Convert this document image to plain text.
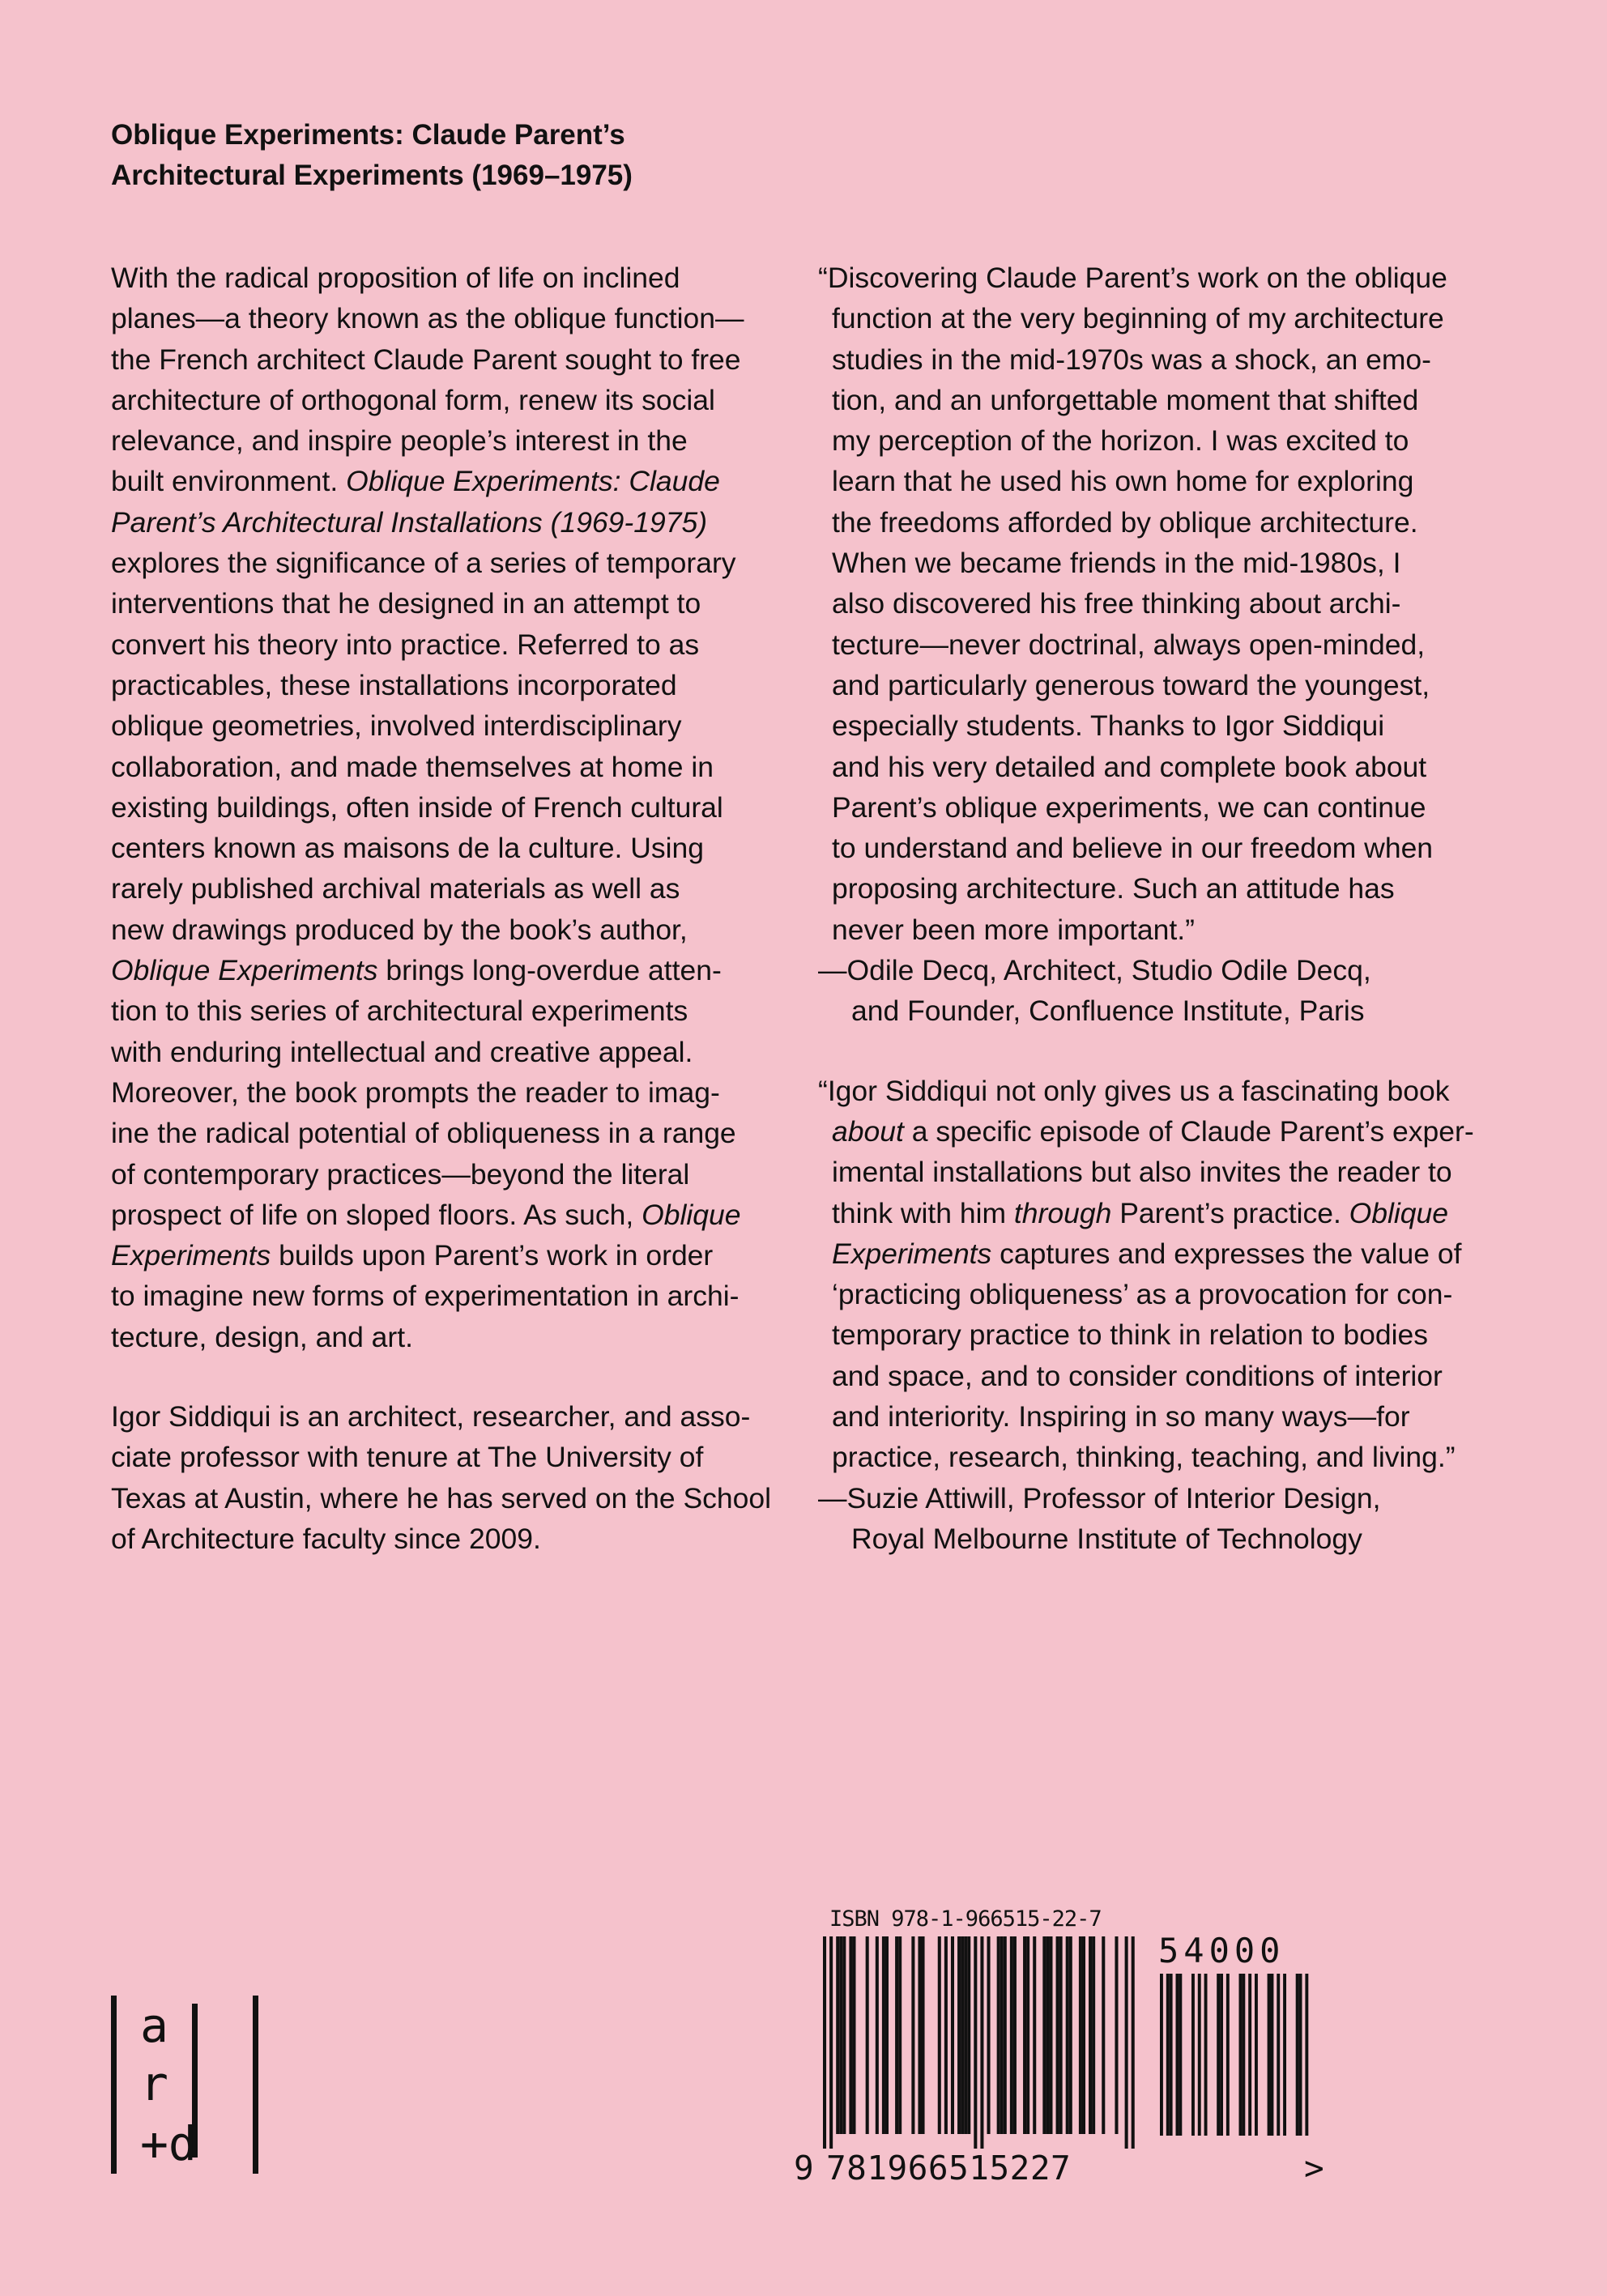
Oblique Experiments: Claude Parent’s
Architectural Experiments (1969–1975)

With the radical proposition of life on inclined
planes—a theory known as the oblique function—
the French architect Claude Parent sought to free
architecture of orthogonal form, renew its social
relevance, and inspire people’s interest in the
built environment. Oblique Experiments: Claude
Parent’s Architectural Installations (1969-1975)
explores the significance of a series of temporary
interventions that he designed in an attempt to
convert his theory into practice. Referred to as
practicables, these installations incorporated
oblique geometries, involved interdisciplinary
collaboration, and made themselves at home in
existing buildings, often inside of French cultural
centers known as maisons de la culture. Using
rarely published archival materials as well as
new drawings produced by the book’s author,
Oblique Experiments brings long-overdue atten-
tion to this series of architectural experiments
with enduring intellectual and creative appeal.
Moreover, the book prompts the reader to imag-
ine the radical potential of obliqueness in a range
of contemporary practices—beyond the literal
prospect of life on sloped floors. As such, Oblique
Experiments builds upon Parent’s work in order
to imagine new forms of experimentation in archi-
tecture, design, and art.

Igor Siddiqui is an architect, researcher, and asso-
ciate professor with tenure at The University of
Texas at Austin, where he has served on the School
of Architecture faculty since 2009.

“Discovering Claude Parent’s work on the oblique
function at the very beginning of my architecture
studies in the mid-1970s was a shock, an emo-
tion, and an unforgettable moment that shifted
my perception of the horizon. I was excited to
learn that he used his own home for exploring
the freedoms afforded by oblique architecture.
When we became friends in the mid-1980s, I
also discovered his free thinking about archi-
tecture—never doctrinal, always open-minded,
and particularly generous toward the youngest,
especially students. Thanks to Igor Siddiqui
and his very detailed and complete book about
Parent’s oblique experiments, we can continue
to understand and believe in our freedom when
proposing architecture. Such an attitude has
never been more important.”
—Odile Decq, Architect, Studio Odile Decq,
and Founder, Confluence Institute, Paris

“Igor Siddiqui not only gives us a fascinating book
about a specific episode of Claude Parent’s exper-
imental installations but also invites the reader to
think with him through Parent’s practice. Oblique
Experiments captures and expresses the value of
‘practicing obliqueness’ as a provocation for con-
temporary practice to think in relation to bodies
and space, and to consider conditions of interior
and interiority. Inspiring in so many ways—for
practice, research, thinking, teaching, and living.”
—Suzie Attiwill, Professor of Interior Design,
Royal Melbourne Institute of Technology

a
r
+d
ISBN 978-1-966515-22-7
54000
9 781966515227	>
